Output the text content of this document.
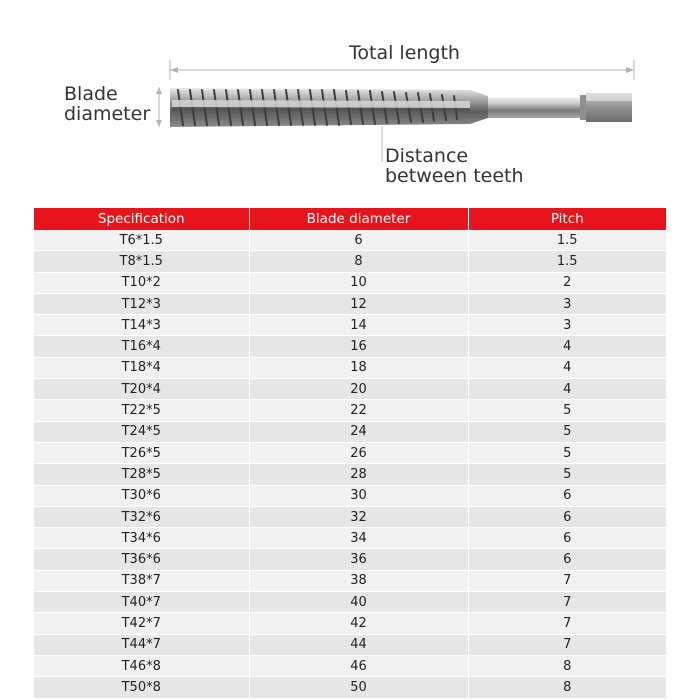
Total length
Blade
diameter
Distance
between teeth
Specification	Blade diameter	Pitch
T6*1.5	6	1.5
T8*1.5	8	1.5
T10*2	10	2
T12*3	12	3
T14*3	14	3
T16*4	16	4
T18*4	18	4
T20*4	20	4
T22*5	22	5
T24*5	24	5
T26*5	26	5
T28*5	28	5
T30*6	30	6
T32*6	32	6
T34*6	34	6
T36*6	36	6
T38*7	38	7
T40*7	40	7
T42*7	42	7
T44*7	44	7
T46*8	46	8
T50*8	50	8
